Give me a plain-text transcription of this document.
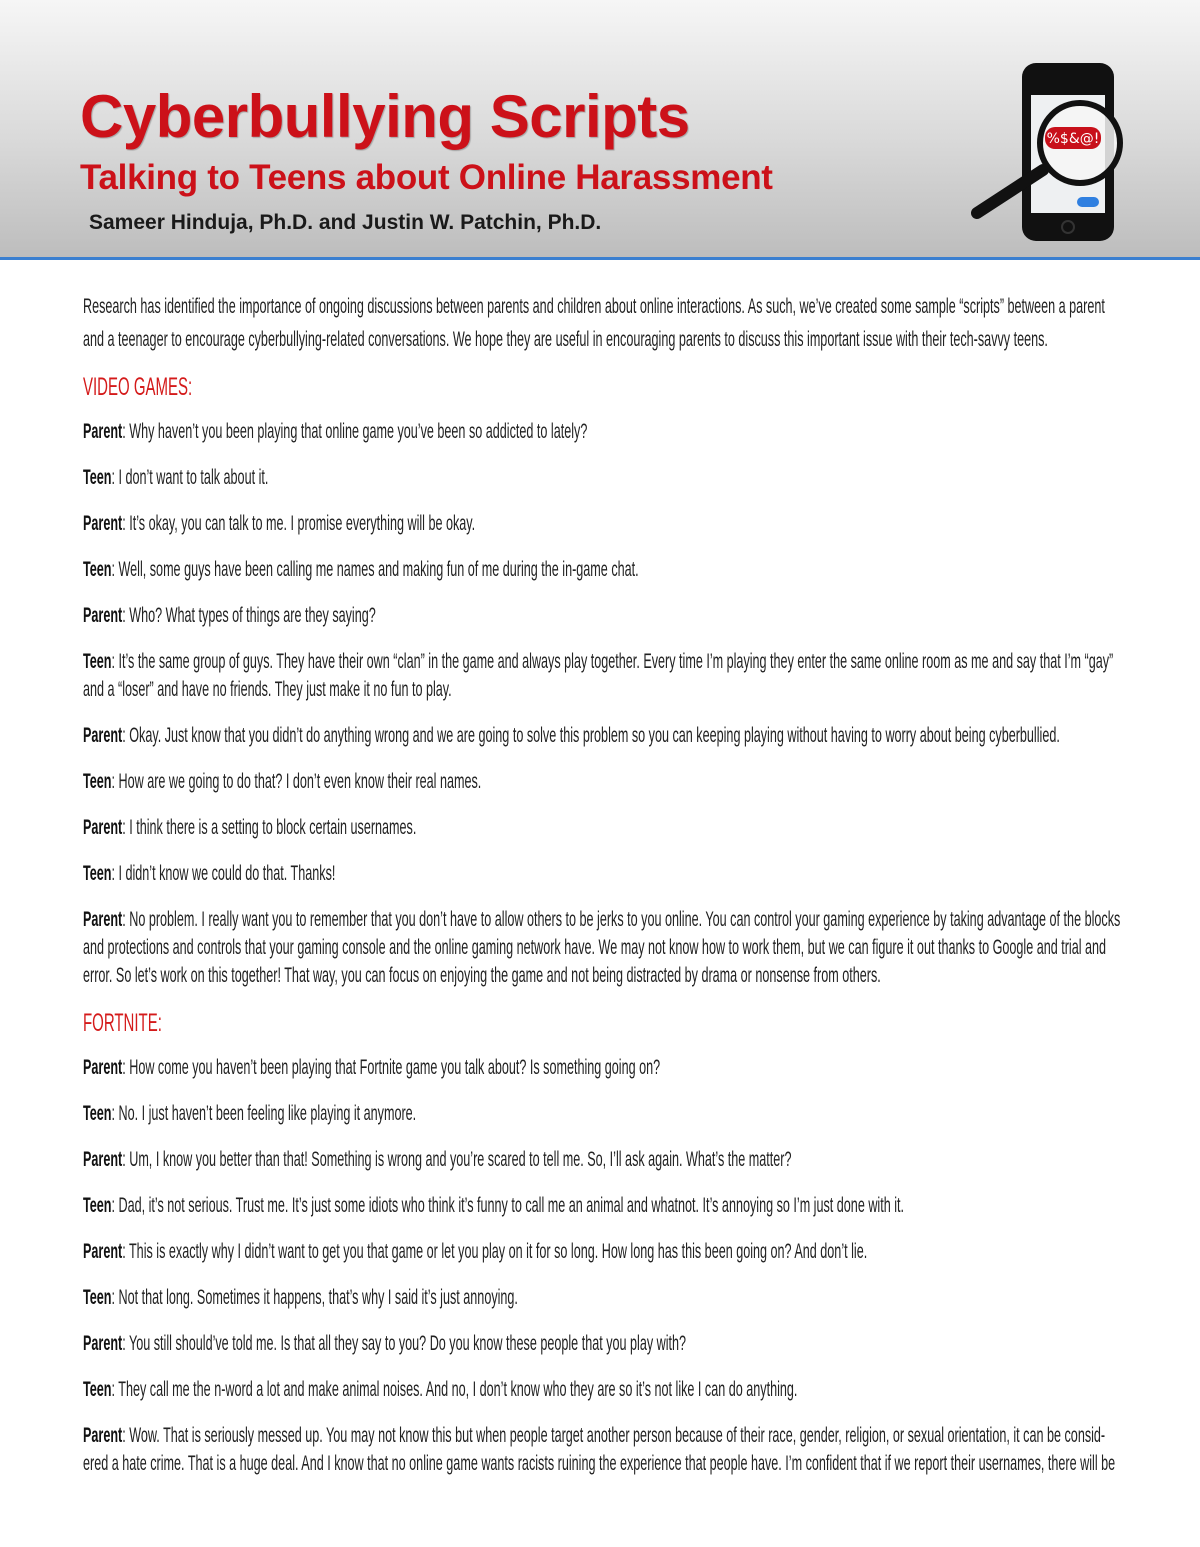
Cyberbullying Scripts
Talking to Teens about Online Harassment
Sameer Hinduja, Ph.D. and Justin W. Patchin, Ph.D.
%$&@!

Research has identified the importance of ongoing discussions between parents and children about online interactions. As such, we’ve created some sample “scripts” between a parent and a teenager to encourage cyberbullying-related conversations. We hope they are useful in encouraging parents to discuss this important issue with their tech-savvy teens.

VIDEO GAMES:

Parent: Why haven’t you been playing that online game you’ve been so addicted to lately?

Teen: I don’t want to talk about it.

Parent: It’s okay, you can talk to me. I promise everything will be okay.

Teen: Well, some guys have been calling me names and making fun of me during the in-game chat.

Parent: Who? What types of things are they saying?

Teen: It’s the same group of guys. They have their own “clan” in the game and always play together. Every time I’m playing they enter the same online room as me and say that I’m “gay” and a “loser” and have no friends. They just make it no fun to play.

Parent: Okay. Just know that you didn’t do anything wrong and we are going to solve this problem so you can keeping playing without having to worry about being cyberbullied.

Teen: How are we going to do that? I don’t even know their real names.

Parent: I think there is a setting to block certain usernames.

Teen: I didn’t know we could do that. Thanks!

Parent: No problem. I really want you to remember that you don’t have to allow others to be jerks to you online. You can control your gaming experience by taking advantage of the blocks and protections and controls that your gaming console and the online gaming network have. We may not know how to work them, but we can figure it out thanks to Google and trial and error. So let’s work on this together! That way, you can focus on enjoying the game and not being distracted by drama or nonsense from others.

FORTNITE:

Parent: How come you haven’t been playing that Fortnite game you talk about? Is something going on?

Teen: No. I just haven’t been feeling like playing it anymore.

Parent: Um, I know you better than that! Something is wrong and you’re scared to tell me. So, I’ll ask again. What’s the matter?

Teen: Dad, it’s not serious. Trust me. It’s just some idiots who think it’s funny to call me an animal and whatnot. It’s annoying so I’m just done with it.

Parent: This is exactly why I didn’t want to get you that game or let you play on it for so long. How long has this been going on? And don’t lie.

Teen: Not that long. Sometimes it happens, that’s why I said it’s just annoying.

Parent: You still should’ve told me. Is that all they say to you? Do you know these people that you play with?

Teen: They call me the n-word a lot and make animal noises. And no, I don’t know who they are so it’s not like I can do anything.

Parent: Wow. That is seriously messed up. You may not know this but when people target another person because of their race, gender, religion, or sexual orientation, it can be consid-ered a hate crime. That is a huge deal. And I know that no online game wants racists ruining the experience that people have. I’m confident that if we report their usernames, there will be
